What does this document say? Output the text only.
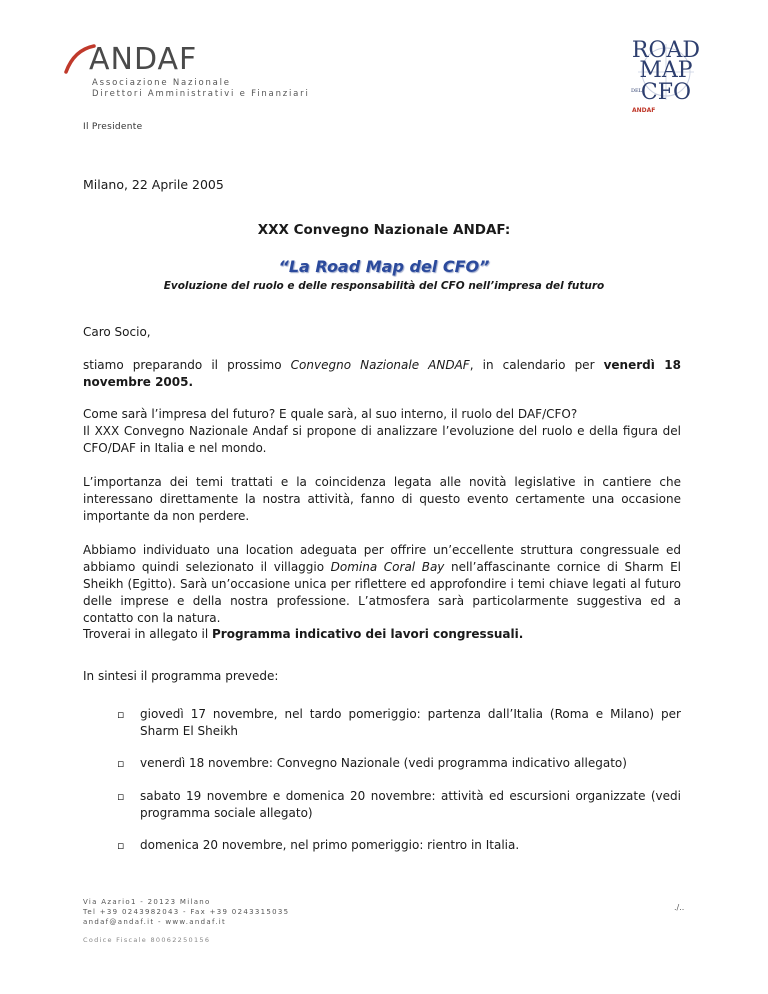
ANDAF
Associazione Nazionale
Direttori Amministrativi e Finanziari
Il Presidente
ROAD
MAP
DEL
CFO
ANDAF
Milano, 22 Aprile 2005
XXX Convegno Nazionale ANDAF:
“La Road Map del CFO”
Evoluzione del ruolo e delle responsabilità del CFO nell’impresa del futuro

Caro Socio,

stiamo preparando il prossimo Convegno Nazionale ANDAF, in calendario per venerdì 18 novembre 2005.

Come sarà l’impresa del futuro? E quale sarà, al suo interno, il ruolo del DAF/CFO?

Il XXX Convegno Nazionale Andaf si propone di analizzare l’evoluzione del ruolo e della figura del CFO/DAF in Italia e nel mondo.

L’importanza dei temi trattati e la coincidenza legata alle novità legislative in cantiere che interessano direttamente la nostra attività, fanno di questo evento certamente una occasione importante da non perdere.

Abbiamo individuato una location adeguata per offrire un’eccellente struttura congressuale ed abbiamo quindi selezionato il villaggio Domina Coral Bay nell’affascinante cornice di Sharm El Sheikh (Egitto). Sarà un’occasione unica per riflettere ed approfondire i temi chiave legati al futuro delle imprese e della nostra professione. L’atmosfera sarà particolarmente suggestiva ed a contatto con la natura.

Troverai in allegato il Programma indicativo dei lavori congressuali.

In sintesi il programma prevede:

▫ giovedì 17 novembre, nel tardo pomeriggio: partenza dall’Italia (Roma e Milano) per Sharm El Sheikh
▫ venerdì 18 novembre: Convegno Nazionale (vedi programma indicativo allegato)
▫ sabato 19 novembre e domenica 20 novembre: attività ed escursioni organizzate (vedi programma sociale allegato)
▫ domenica 20 novembre, nel primo pomeriggio: rientro in Italia.
Via Azario1 - 20123 Milano
Tel +39 0243982043 - Fax +39 0243315035
andaf@andaf.it - www.andaf.it
Codice Fiscale 80062250156
./..
